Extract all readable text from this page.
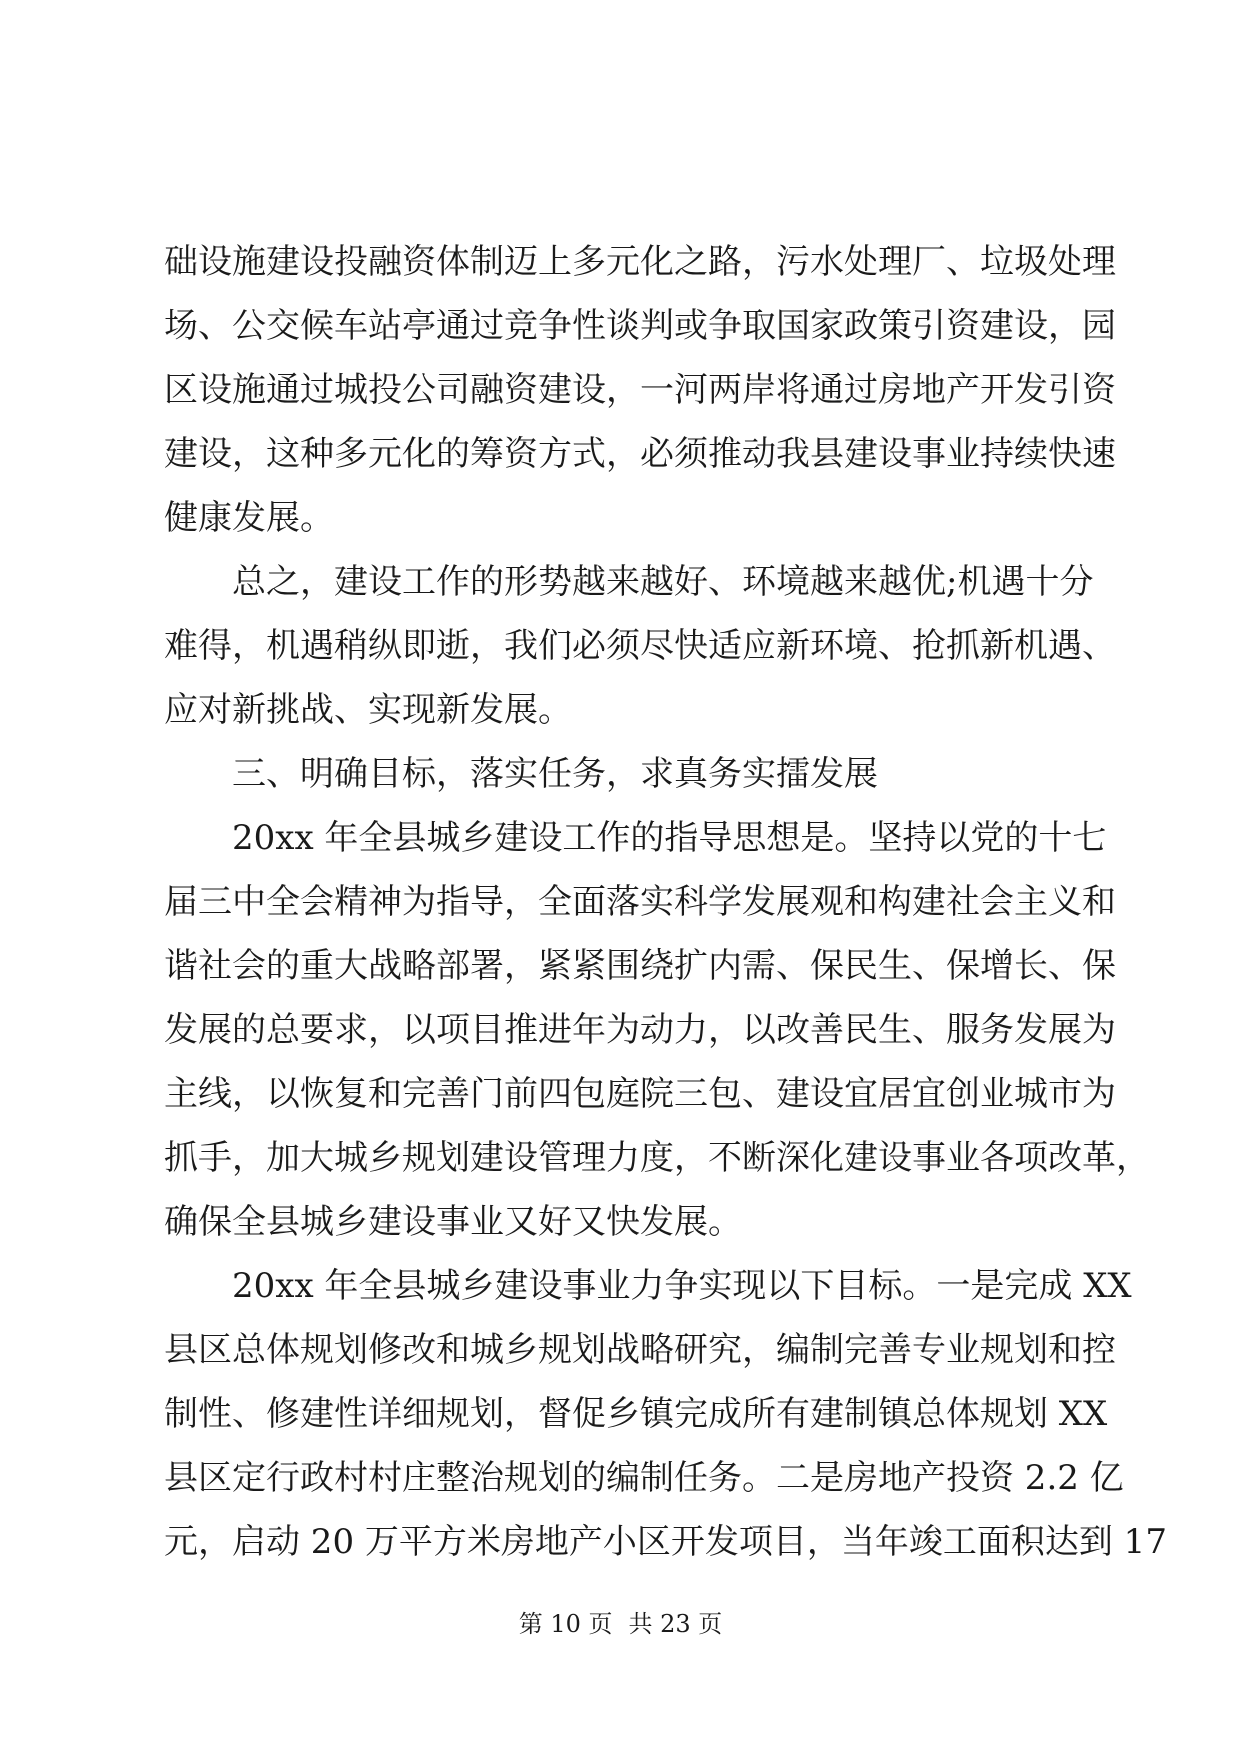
础设施建设投融资体制迈上多元化之路，污水处理厂、垃圾处理
场、公交候车站亭通过竞争性谈判或争取国家政策引资建设，园
区设施通过城投公司融资建设，一河两岸将通过房地产开发引资
建设，这种多元化的筹资方式，必须推动我县建设事业持续快速
健康发展。
总之，建设工作的形势越来越好、环境越来越优;机遇十分
难得，机遇稍纵即逝，我们必须尽快适应新环境、抢抓新机遇、
应对新挑战、实现新发展。
三、明确目标，落实任务，求真务实擂发展
20xx 年全县城乡建设工作的指导思想是。坚持以党的十七
届三中全会精神为指导，全面落实科学发展观和构建社会主义和
谐社会的重大战略部署，紧紧围绕扩内需、保民生、保增长、保
发展的总要求，以项目推进年为动力，以改善民生、服务发展为
主线，以恢复和完善门前四包庭院三包、建设宜居宜创业城市为
抓手，加大城乡规划建设管理力度，不断深化建设事业各项改革，
确保全县城乡建设事业又好又快发展。
20xx 年全县城乡建设事业力争实现以下目标。一是完成 XX
县区总体规划修改和城乡规划战略研究，编制完善专业规划和控
制性、修建性详细规划，督促乡镇完成所有建制镇总体规划 XX
县区定行政村村庄整治规划的编制任务。二是房地产投资 2.2 亿
元，启动 20 万平方米房地产小区开发项目，当年竣工面积达到 17
第 10 页 共 23 页
